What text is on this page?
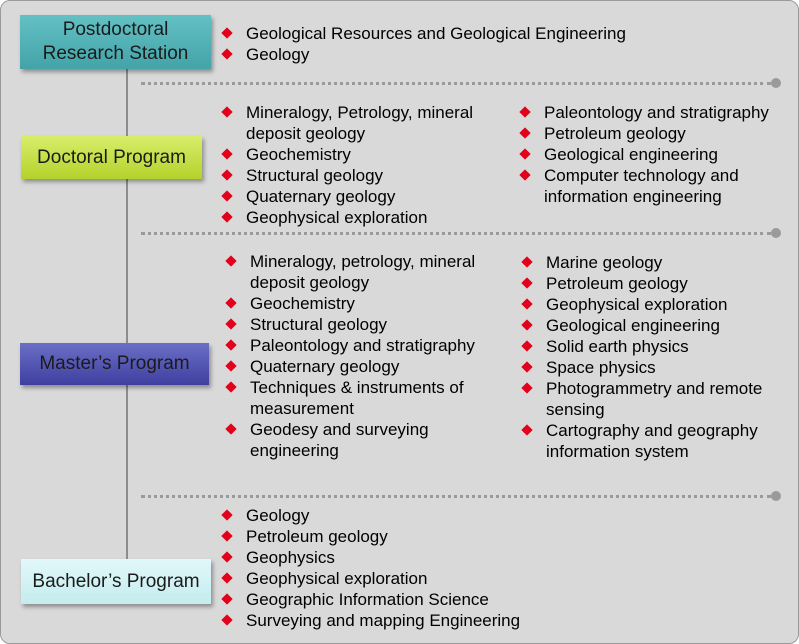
Postdoctoral
Research Station
Doctoral Program
Master’s Program
Bachelor’s Program
Geological Resources and Geological Engineering
Geology
Mineralogy, Petrology, mineral deposit geology
Geochemistry
Structural geology
Quaternary geology
Geophysical exploration
Paleontology and stratigraphy
Petroleum geology
Geological engineering
Computer technology and information engineering
Mineralogy, petrology, mineral deposit geology
Geochemistry
Structural geology
Paleontology and stratigraphy
Quaternary geology
Techniques & instruments of measurement
Geodesy and surveying engineering
Marine geology
Petroleum geology
Geophysical exploration
Geological engineering
Solid earth physics
Space physics
Photogrammetry and remote sensing
Cartography and geography information system
Geology
Petroleum geology
Geophysics
Geophysical exploration
Geographic Information Science
Surveying and mapping Engineering
